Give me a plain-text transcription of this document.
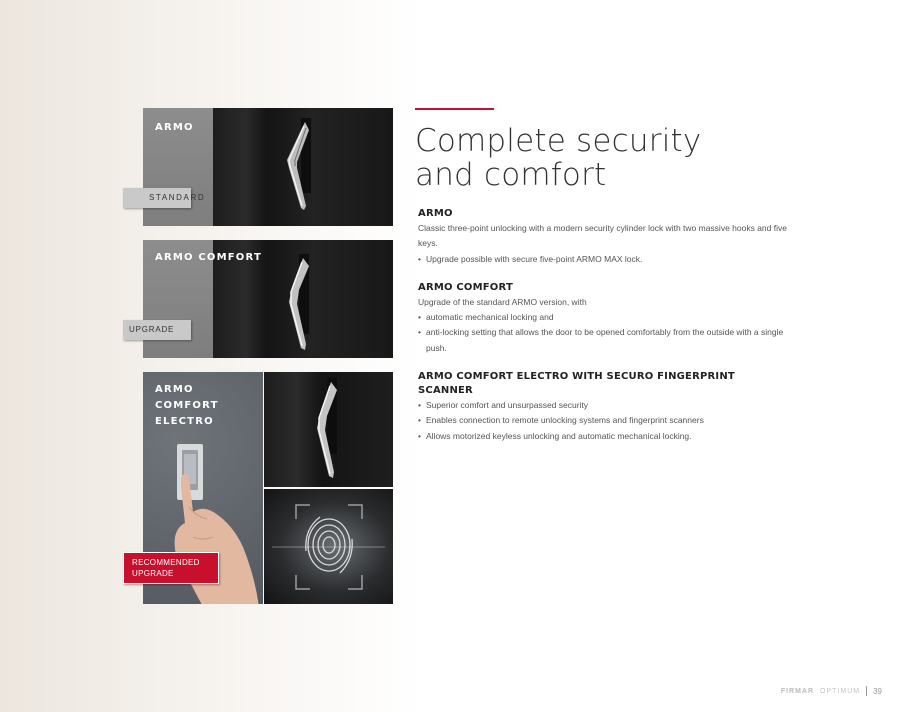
ARMO
STANDARD
ARMO COMFORT
UPGRADE
ARMO
COMFORT
ELECTRO
RECOMMENDED
UPGRADE
Complete security
and comfort
ARMO
Classic three-point unlocking with a modern security cylinder lock with two massive hooks and five keys.
• Upgrade possible with secure five-point ARMO MAX lock.
ARMO COMFORT
Upgrade of the standard ARMO version, with
• automatic mechanical locking and
• anti-locking setting that allows the door to be opened comfortably from the outside with a single push.
ARMO COMFORT ELECTRO WITH SECURO FINGERPRINT SCANNER
• Superior comfort and unsurpassed security
• Enables connection to remote unlocking systems and fingerprint scanners
• Allows motorized keyless unlocking and automatic mechanical locking.
FIRMAR OPTIMUM 39
